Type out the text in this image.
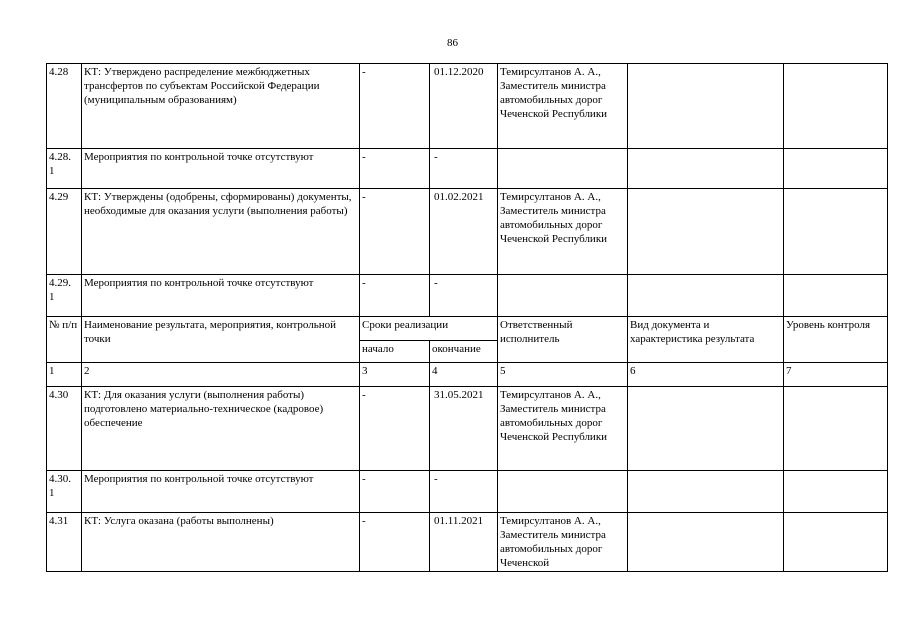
86
4.28	КТ: Утверждено распределение межбюджетных трансфертов по субъектам Российской Федерации (муниципальным образованиям)	-	01.12.2020	Темирсултанов А. А., Заместитель министра автомобильных дорог Чеченской Республики		
4.28. 1	Мероприятия по контрольной точке отсутствуют	-	-			
4.29	КТ: Утверждены (одобрены, сформированы) документы, необходимые для оказания услуги (выполнения работы)	-	01.02.2021	Темирсултанов А. А., Заместитель министра автомобильных дорог Чеченской Республики		
4.29. 1	Мероприятия по контрольной точке отсутствуют	-	-			
№ п/п	Наименование результата, мероприятия, контрольной точки	Сроки реализации		Ответственный исполнитель	Вид документа и характеристика результата	Уровень контроля
		начало	окончание			
1	2	3	4	5	6	7
4.30	КТ: Для оказания услуги (выполнения работы) подготовлено материально-техническое (кадровое) обеспечение	-	31.05.2021	Темирсултанов А. А., Заместитель министра автомобильных дорог Чеченской Республики		
4.30. 1	Мероприятия по контрольной точке отсутствуют	-	-			
4.31	КТ: Услуга оказана (работы выполнены)	-	01.11.2021	Темирсултанов А. А., Заместитель министра автомобильных дорог Чеченской		
